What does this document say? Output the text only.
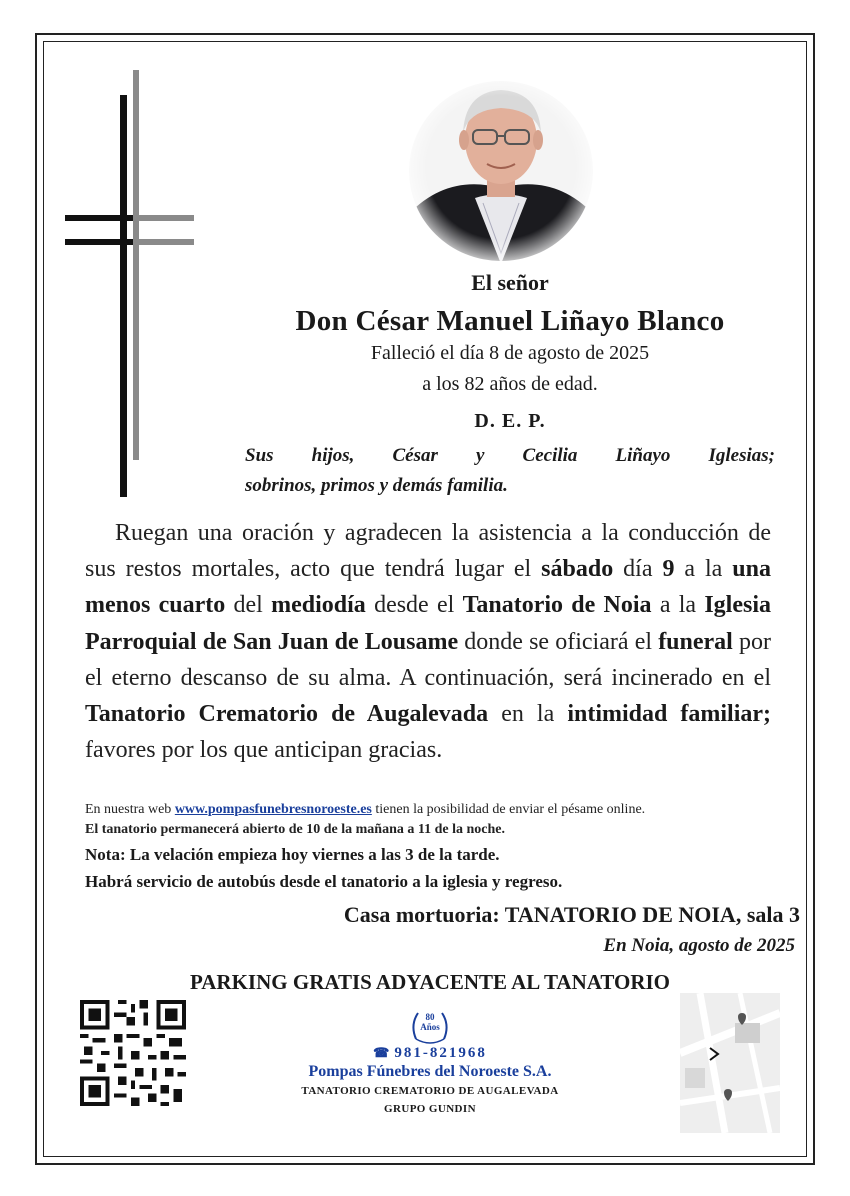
El señor
Don César Manuel Liñayo Blanco
Falleció el día 8 de agosto de 2025
a los 82 años de edad.
D. E. P.
Sus hijos, César y Cecilia Liñayo Iglesias;
sobrinos, primos y demás familia.
Ruegan una oración y agradecen la asistencia a la conducción de sus restos mortales, acto que tendrá lugar el sábado día 9 a la una menos cuarto del mediodía desde el Tanatorio de Noia a la Iglesia Parroquial de San Juan de Lousame donde se oficiará el funeral por el eterno descanso de su alma. A continuación, será incinerado en el Tanatorio Crematorio de Augalevada en la intimidad familiar; favores por los que anticipan gracias.
En nuestra web www.pompasfunebresnoroeste.es tienen la posibilidad de enviar el pésame online.
El tanatorio permanecerá abierto de 10 de la mañana a 11 de la noche.
Nota: La velación empieza hoy viernes a las 3 de la tarde.
Habrá servicio de autobús desde el tanatorio a la iglesia y regreso.
Casa mortuoria: TANATORIO DE NOIA, sala 3
En Noia, agosto de 2025
PARKING GRATIS ADYACENTE AL TANATORIO
80
Años
☎ 981-821968
Pompas Fúnebres del Noroeste S.A.
TANATORIO CREMATORIO DE AUGALEVADA
GRUPO GUNDIN
